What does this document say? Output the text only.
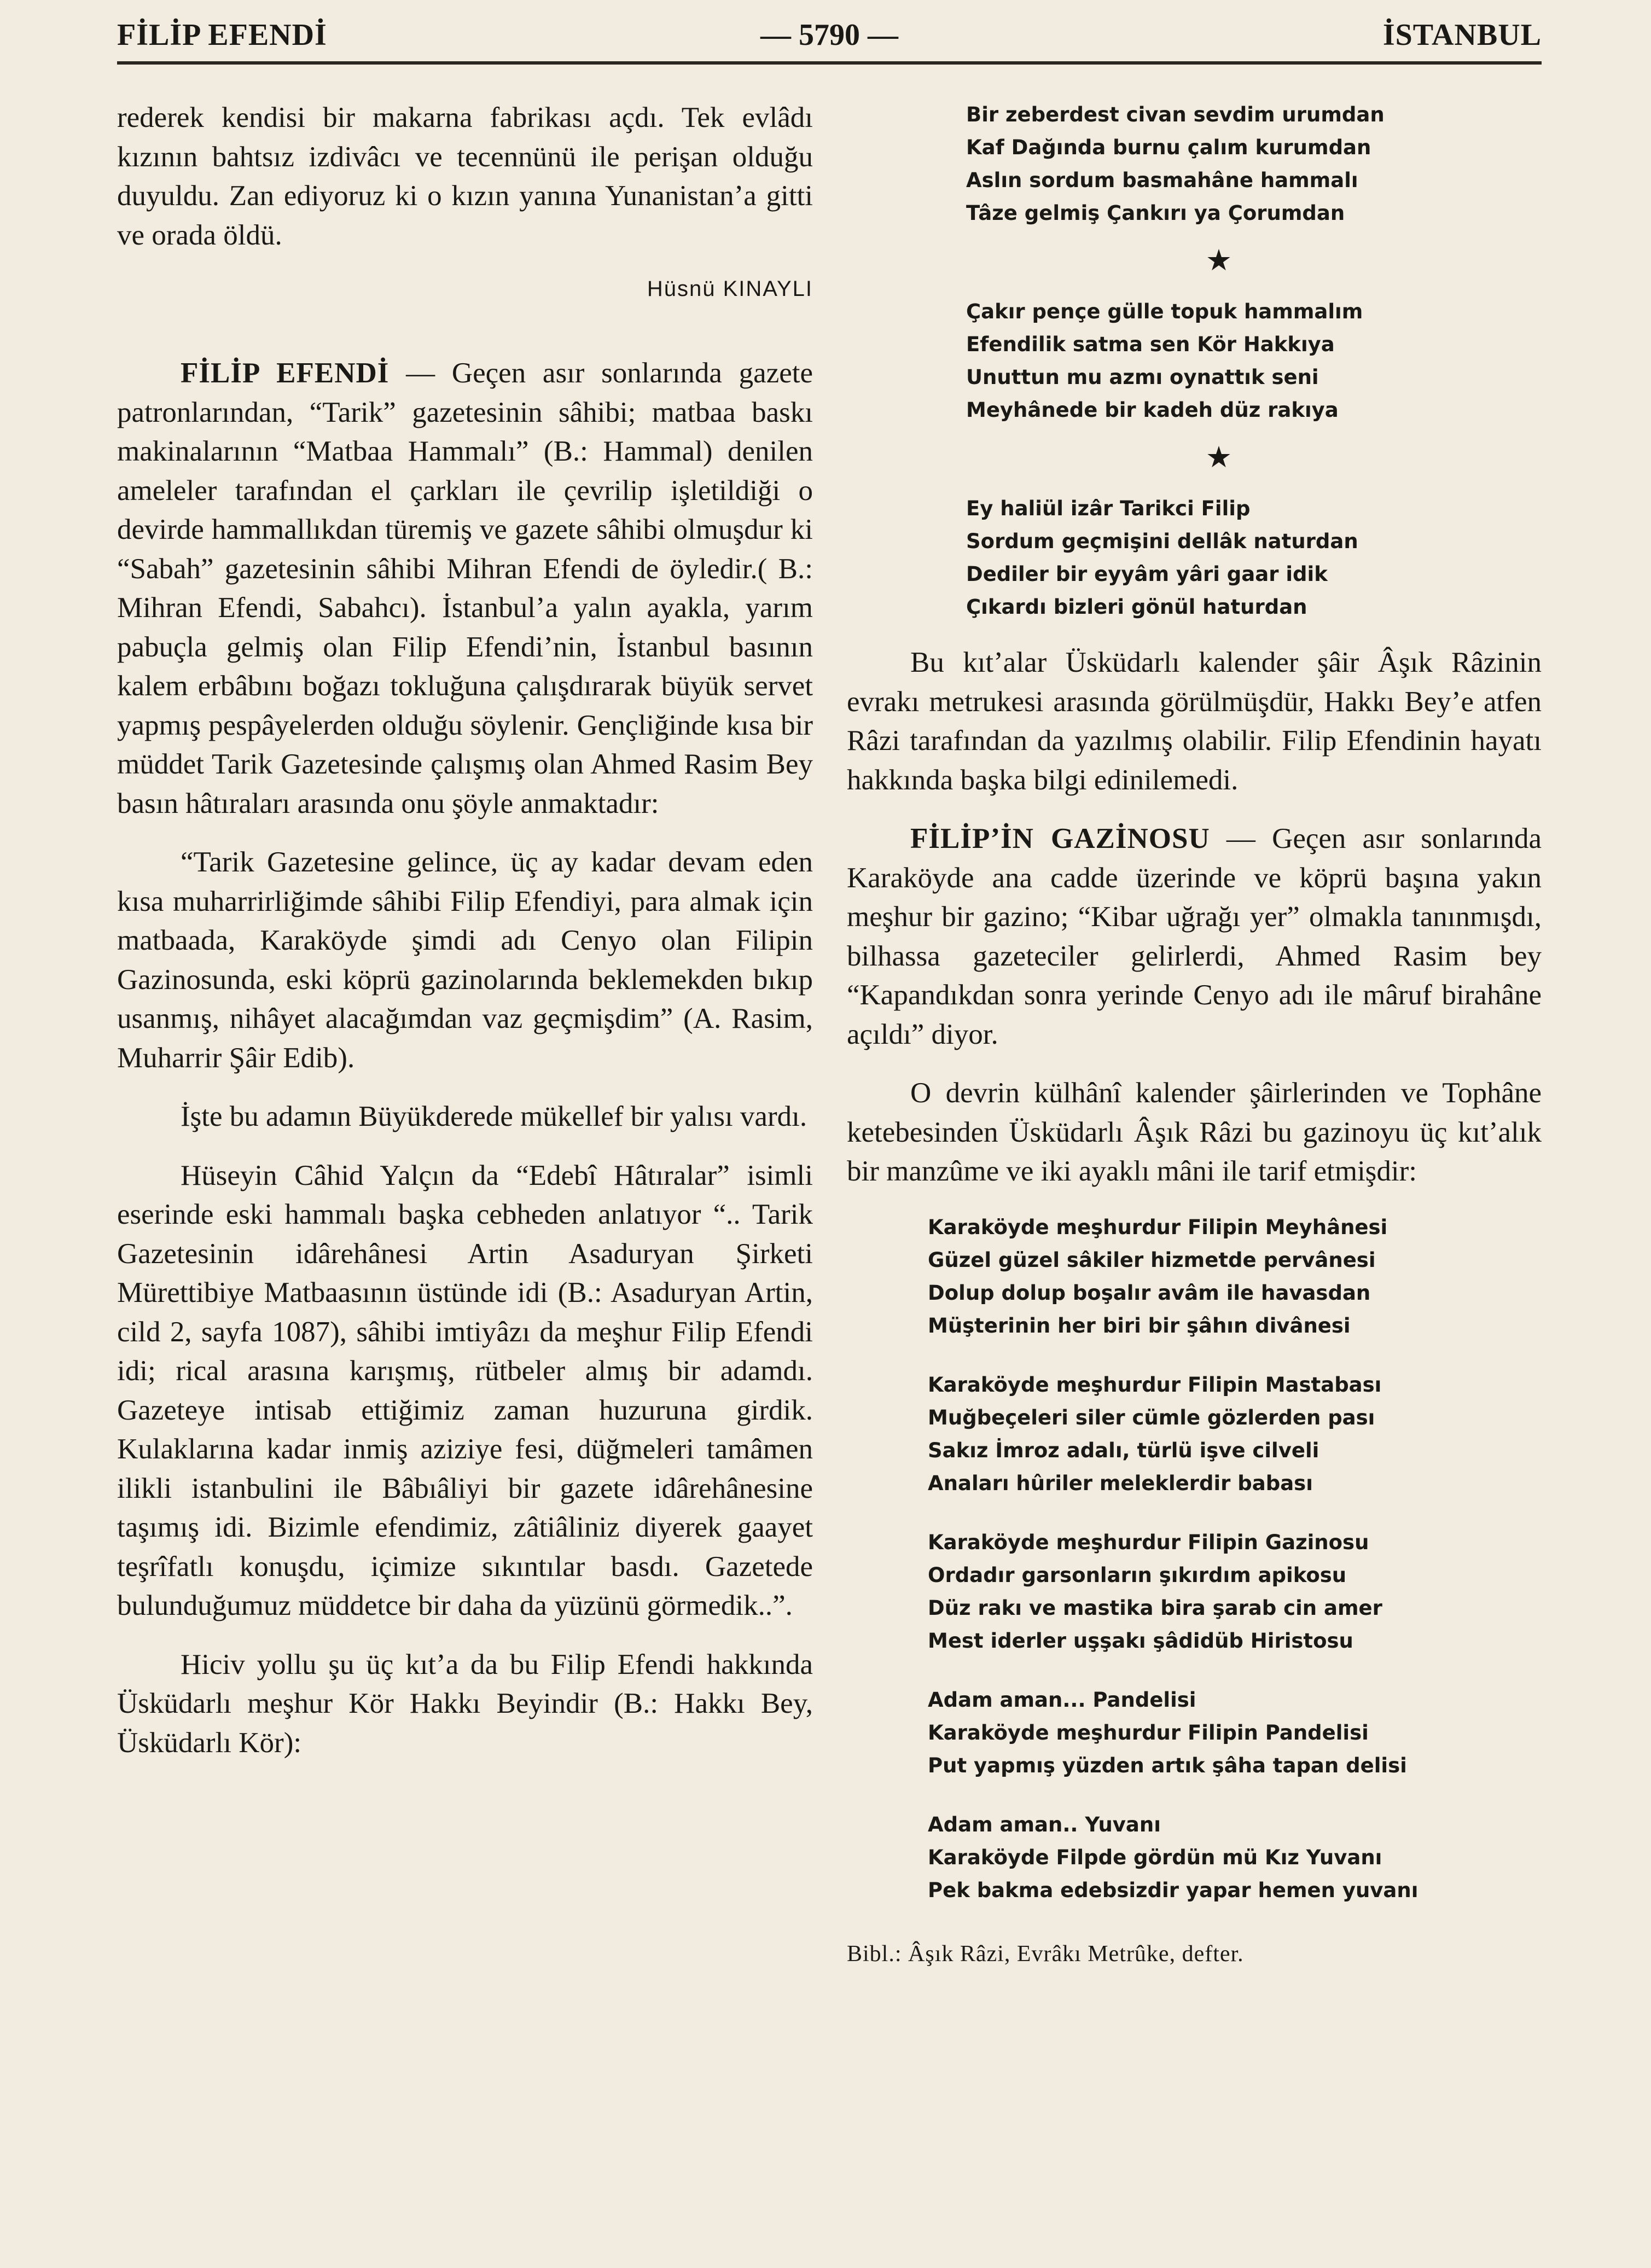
FİLİP EFENDİ	— 5790 —	İSTANBUL

rederek kendisi bir makarna fabrikası açdı. Tek evlâdı kızının bahtsız izdivâcı ve tecennünü ile perişan olduğu duyuldu. Zan ediyoruz ki o kızın yanına Yunanistan’a gitti ve orada öldü.

Hüsnü KINAYLI

FİLİP EFENDİ — Geçen asır sonlarında gazete patronlarından, “Tarik” gazetesinin sâhibi; matbaa baskı makinalarının “Matbaa Hammalı” (B.: Hammal) denilen ameleler tarafından el çarkları ile çevrilip işletildiği o devirde hammallıkdan türemiş ve gazete sâhibi olmuşdur ki “Sabah” gazetesinin sâhibi Mihran Efendi de öyledir.( B.: Mihran Efendi, Sabahcı). İstanbul’a yalın ayakla, yarım pabuçla gelmiş olan Filip Efendi’nin, İstanbul basının kalem erbâbını boğazı tokluğuna çalışdırarak büyük servet yapmış pespâyelerden olduğu söylenir. Gençliğinde kısa bir müddet Tarik Gazetesinde çalışmış olan Ahmed Rasim Bey basın hâtıraları arasında onu şöyle anmaktadır:

“Tarik Gazetesine gelince, üç ay kadar devam eden kısa muharrirliğimde sâhibi Filip Efendiyi, para almak için matbaada, Karaköyde şimdi adı Cenyo olan Filipin Gazinosunda, eski köprü gazinolarında beklemekden bıkıp usanmış, nihâyet alacağımdan vaz geçmişdim” (A. Rasim, Muharrir Şâir Edib).

İşte bu adamın Büyükderede mükellef bir yalısı vardı.

Hüseyin Câhid Yalçın da “Edebî Hâtıralar” isimli eserinde eski hammalı başka cebheden anlatıyor “.. Tarik Gazetesinin idârehânesi Artin Asaduryan Şirketi Mürettibiye Matbaasının üstünde idi (B.: Asaduryan Artin, cild 2, sayfa 1087), sâhibi imtiyâzı da meşhur Filip Efendi idi; rical arasına karışmış, rütbeler almış bir adamdı. Gazeteye intisab ettiğimiz zaman huzuruna girdik. Kulaklarına kadar inmiş aziziye fesi, düğmeleri tamâmen ilikli istanbulini ile Bâbıâliyi bir gazete idârehânesine taşımış idi. Bizimle efendimiz, zâtiâliniz diyerek gaayet teşrîfatlı konuşdu, içimize sıkıntılar basdı. Gazetede bulunduğumuz müddetce bir daha da yüzünü görmedik..”.

Hiciv yollu şu üç kıt’a da bu Filip Efendi hakkında Üsküdarlı meşhur Kör Hakkı Beyindir (B.: Hakkı Bey, Üsküdarlı Kör):

Bir zeberdest civan sevdim urumdan
Kaf Dağında burnu çalım kurumdan
Aslın sordum basmahâne hammalı
Tâze gelmiş Çankırı ya Çorumdan
★
Çakır pençe gülle topuk hammalım
Efendilik satma sen Kör Hakkıya
Unuttun mu azmı oynattık seni
Meyhânede bir kadeh düz rakıya
★
Ey haliül izâr Tarikci Filip
Sordum geçmişini dellâk naturdan
Dediler bir eyyâm yâri gaar idik
Çıkardı bizleri gönül haturdan

Bu kıt’alar Üsküdarlı kalender şâir Âşık Râzinin evrakı metrukesi arasında görülmüşdür, Hakkı Bey’e atfen Râzi tarafından da yazılmış olabilir. Filip Efendinin hayatı hakkında başka bilgi edinilemedi.

FİLİP’İN GAZİNOSU — Geçen asır sonlarında Karaköyde ana cadde üzerinde ve köprü başına yakın meşhur bir gazino; “Kibar uğrağı yer” olmakla tanınmışdı, bilhassa gazeteciler gelirlerdi, Ahmed Rasim bey “Kapandıkdan sonra yerinde Cenyo adı ile mâruf birahâne açıldı” diyor.

O devrin külhânî kalender şâirlerinden ve Tophâne ketebesinden Üsküdarlı Âşık Râzi bu gazinoyu üç kıt’alık bir manzûme ve iki ayaklı mâni ile tarif etmişdir:

Karaköyde meşhurdur Filipin Meyhânesi
Güzel güzel sâkiler hizmetde pervânesi
Dolup dolup boşalır avâm ile havasdan
Müşterinin her biri bir şâhın divânesi
Karaköyde meşhurdur Filipin Mastabası
Muğbeçeleri siler cümle gözlerden pası
Sakız İmroz adalı, türlü işve cilveli
Anaları hûriler meleklerdir babası
Karaköyde meşhurdur Filipin Gazinosu
Ordadır garsonların şıkırdım apikosu
Düz rakı ve mastika bira şarab cin amer
Mest iderler uşşakı şâdidüb Hiristosu
Adam aman... Pandelisi
Karaköyde meşhurdur Filipin Pandelisi
Put yapmış yüzden artık şâha tapan delisi
Adam aman.. Yuvanı
Karaköyde Filpde gördün mü Kız Yuvanı
Pek bakma edebsizdir yapar hemen yuvanı
Bibl.: Âşık Râzi, Evrâkı Metrûke, defter.
